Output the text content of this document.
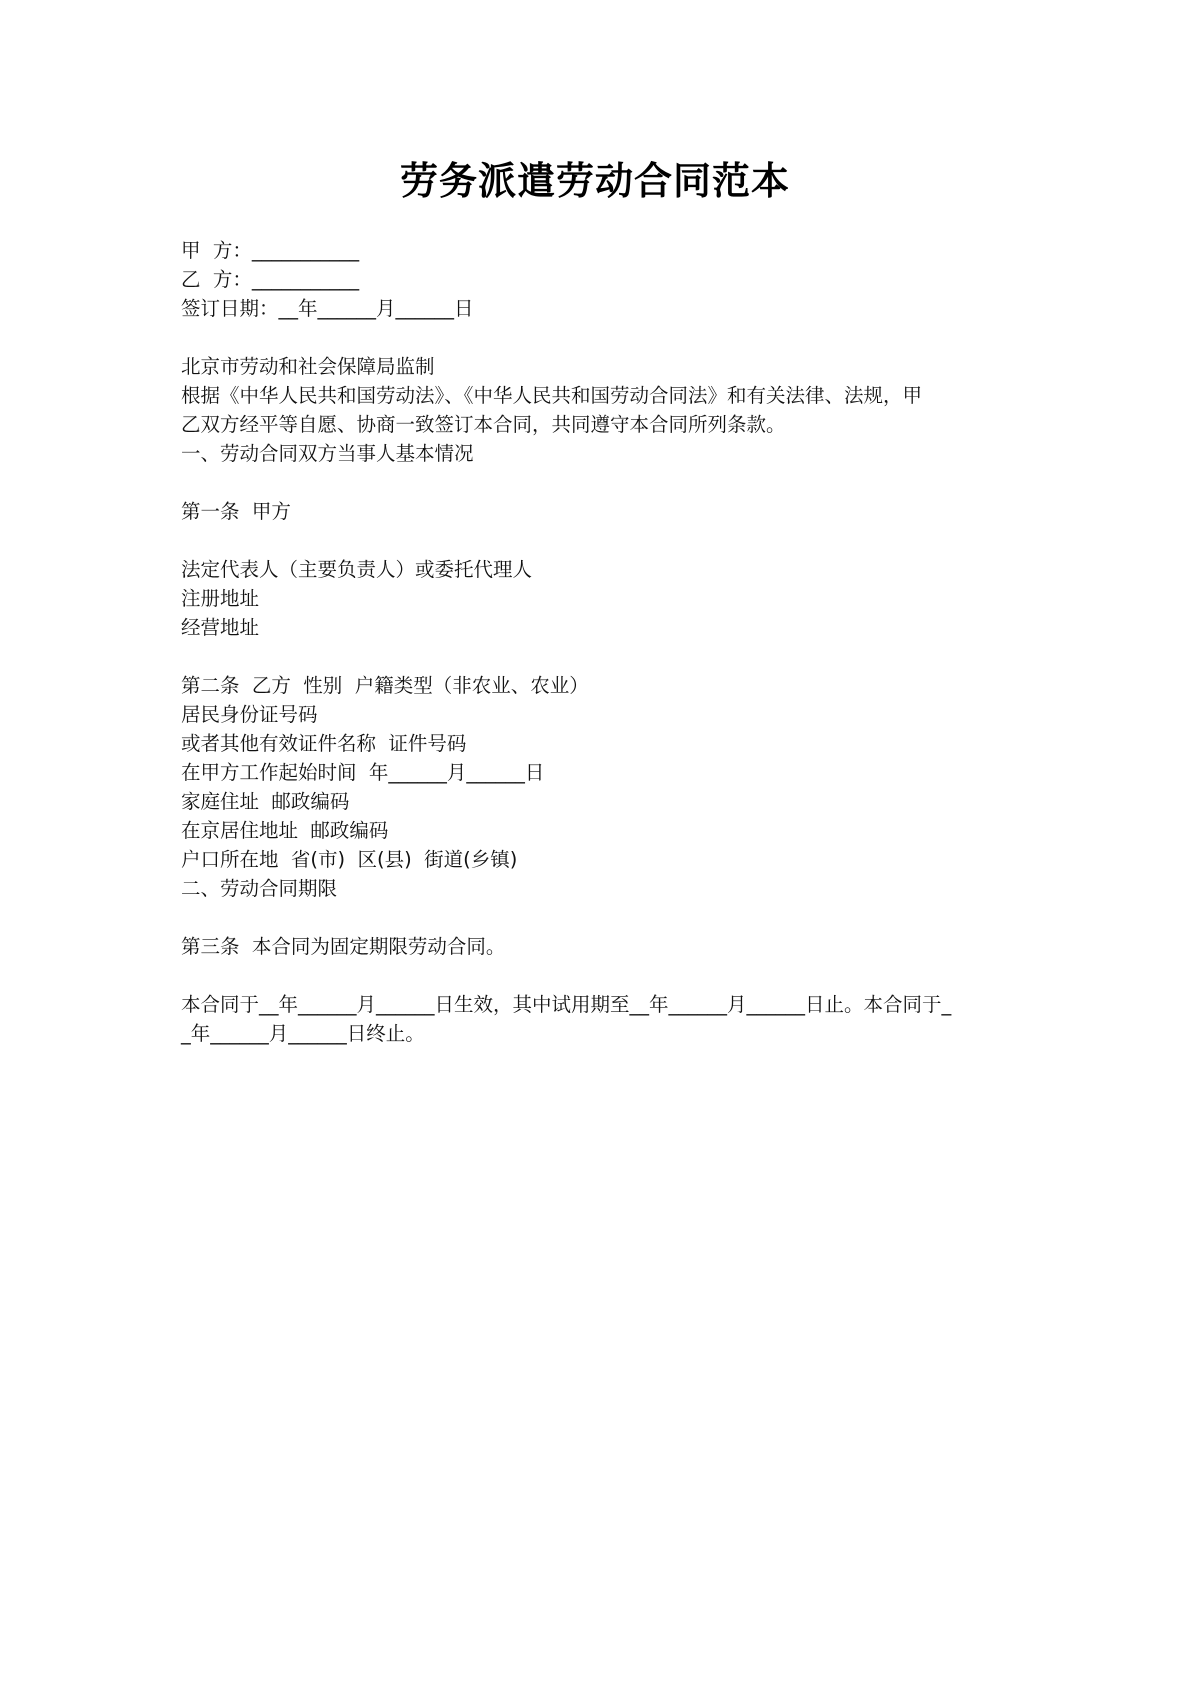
劳务派遣劳动合同范本
甲  方：___________
乙  方：___________
签订日期：__年______月______日
北京市劳动和社会保障局监制
根据《中华人民共和国劳动法》、《中华人民共和国劳动合同法》和有关法律、法规，甲
乙双方经平等自愿、协商一致签订本合同，共同遵守本合同所列条款。
一、劳动合同双方当事人基本情况
第一条  甲方
法定代表人（主要负责人）或委托代理人
注册地址
经营地址
第二条  乙方  性别  户籍类型（非农业、农业）
居民身份证号码
或者其他有效证件名称  证件号码
在甲方工作起始时间  年______月______日
家庭住址  邮政编码
在京居住地址  邮政编码
户口所在地  省(市)  区(县)  街道(乡镇)
二、劳动合同期限
第三条  本合同为固定期限劳动合同。
本合同于__年______月______日生效，其中试用期至__年______月______日止。本合同于_
_年______月______日终止。
